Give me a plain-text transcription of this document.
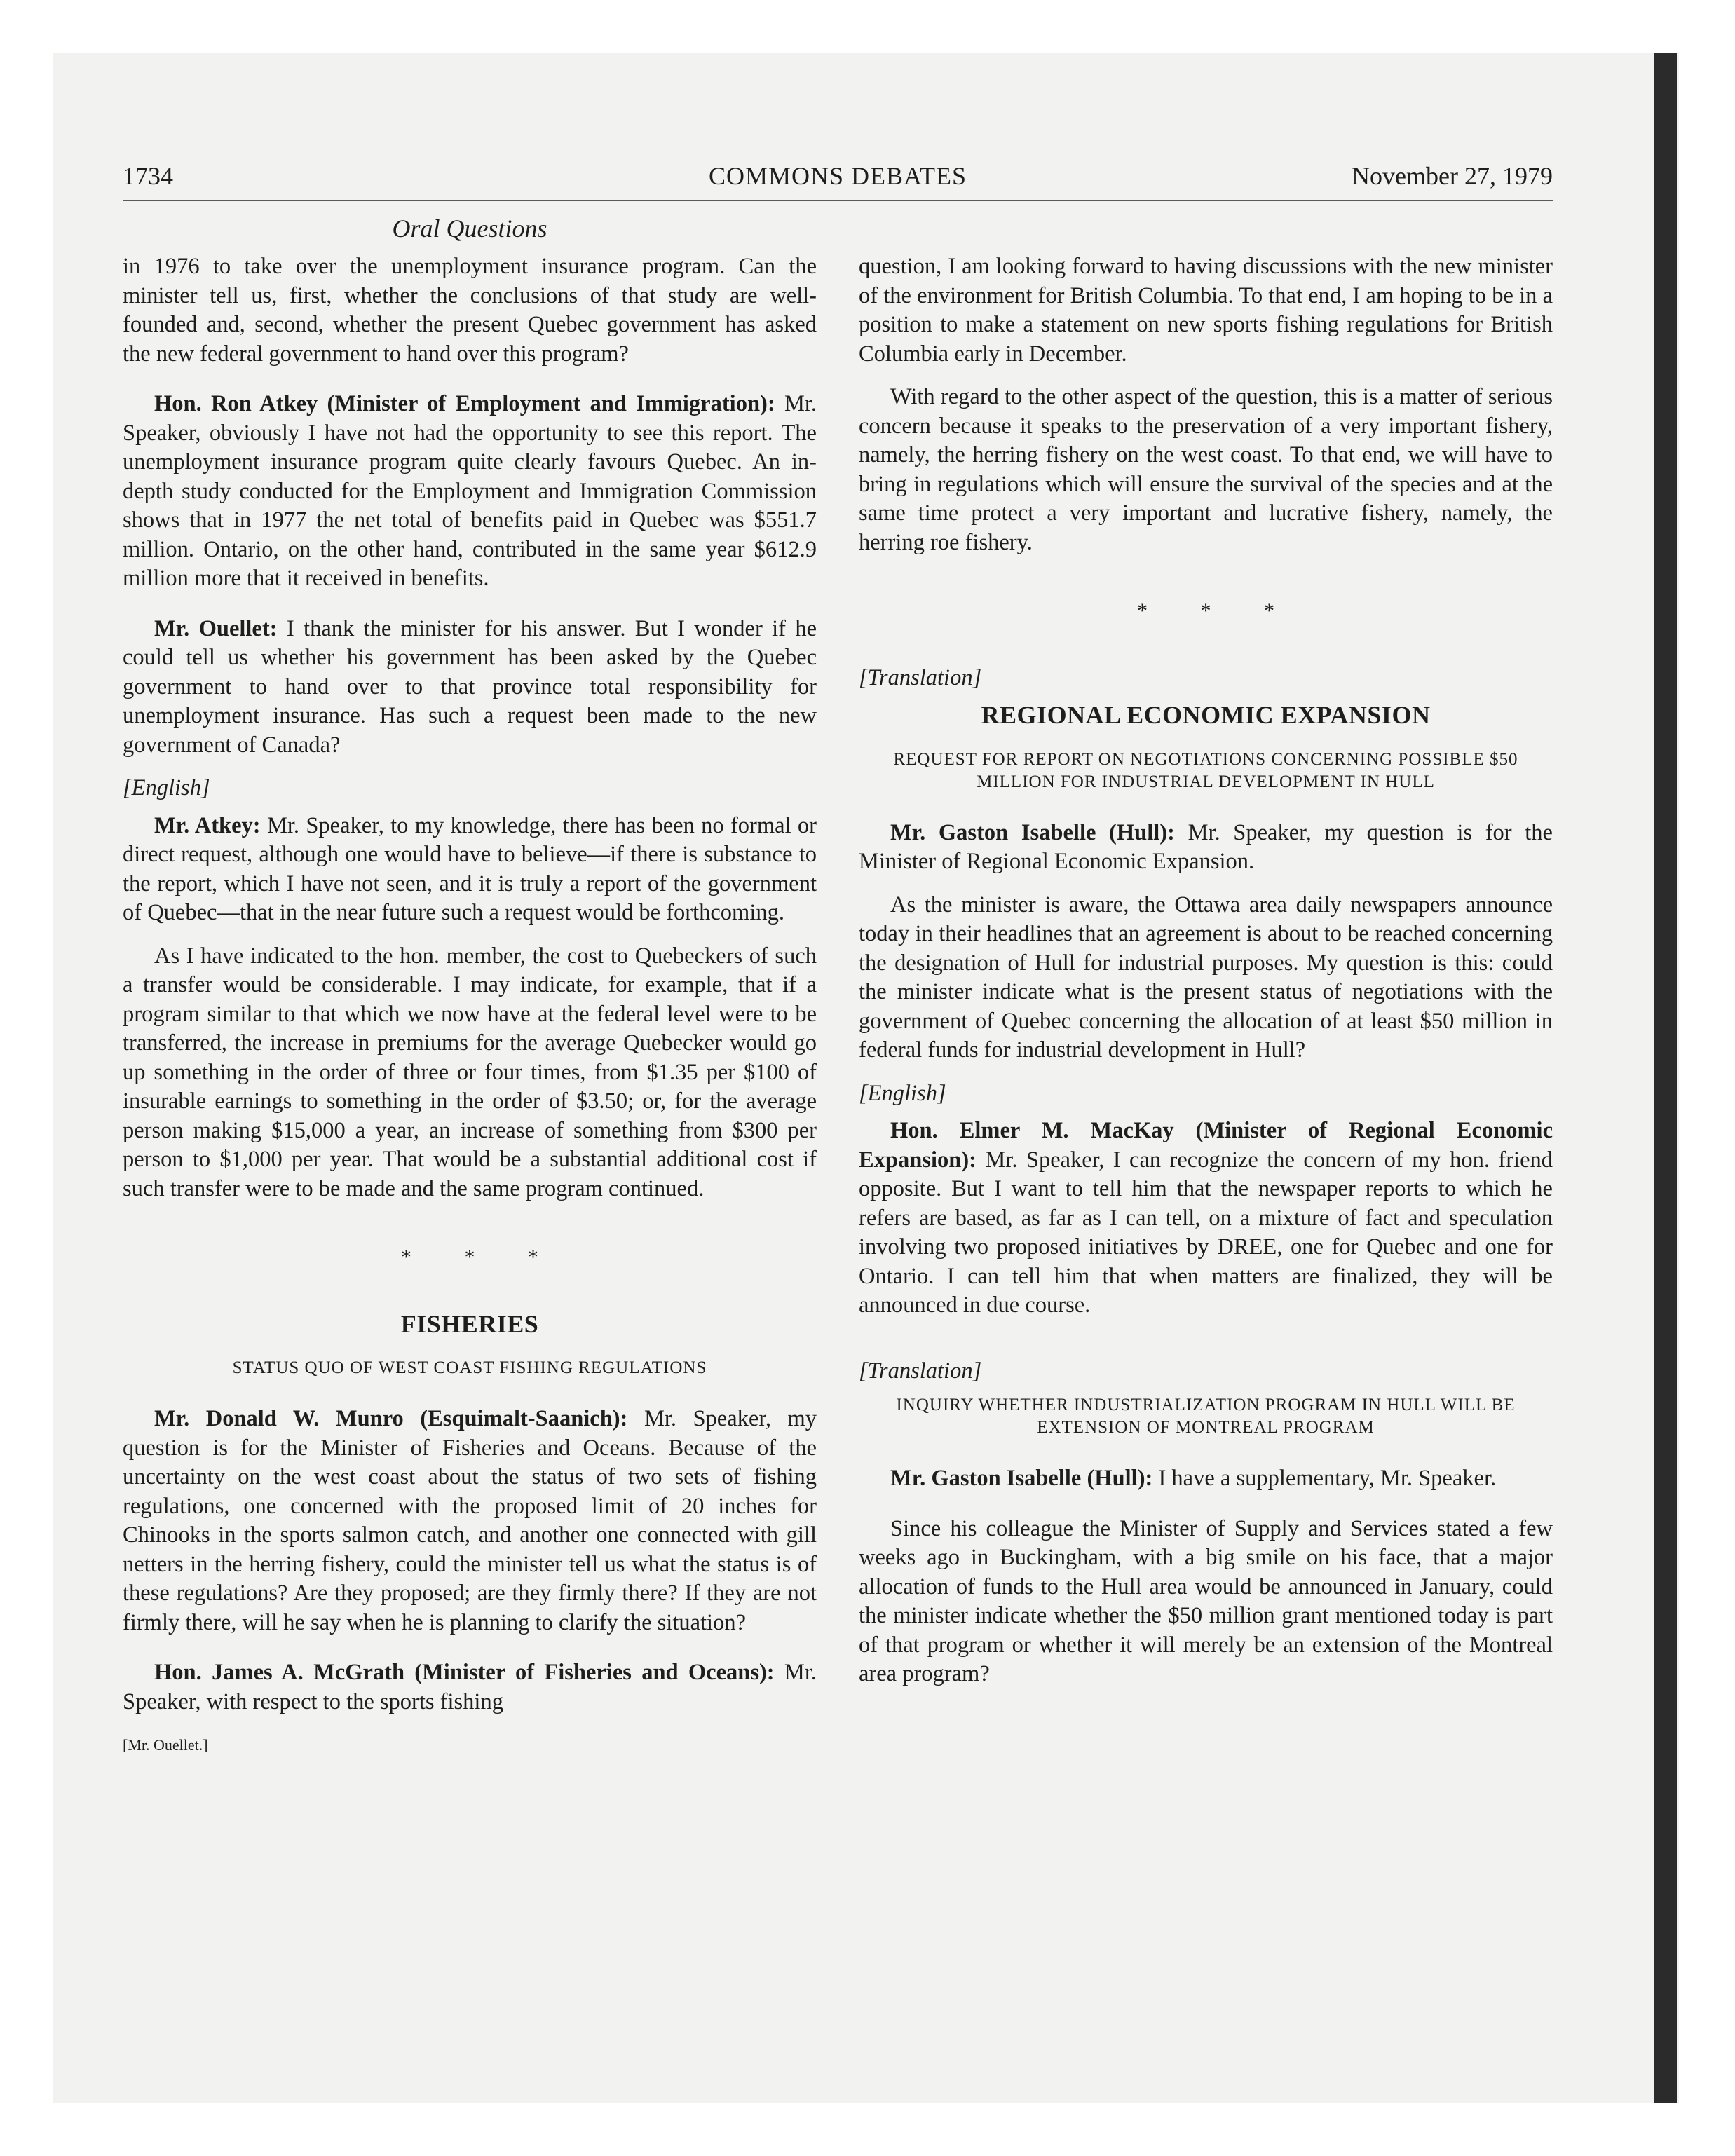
1734	COMMONS DEBATES	November 27, 1979
Oral Questions

in 1976 to take over the unemployment insurance program. Can the minister tell us, first, whether the conclusions of that study are well-founded and, second, whether the present Quebec government has asked the new federal government to hand over this program?

Hon. Ron Atkey (Minister of Employment and Immigration): Mr. Speaker, obviously I have not had the opportunity to see this report. The unemployment insurance program quite clearly favours Quebec. An in-depth study conducted for the Employment and Immigration Commission shows that in 1977 the net total of benefits paid in Quebec was $551.7 million. Ontario, on the other hand, contributed in the same year $612.9 million more that it received in benefits.

Mr. Ouellet: I thank the minister for his answer. But I wonder if he could tell us whether his government has been asked by the Quebec government to hand over to that province total responsibility for unemployment insurance. Has such a request been made to the new government of Canada?

[English]

Mr. Atkey: Mr. Speaker, to my knowledge, there has been no formal or direct request, although one would have to believe—if there is substance to the report, which I have not seen, and it is truly a report of the government of Quebec—that in the near future such a request would be forthcoming.

As I have indicated to the hon. member, the cost to Quebeckers of such a transfer would be considerable. I may indicate, for example, that if a program similar to that which we now have at the federal level were to be transferred, the increase in premiums for the average Quebecker would go up something in the order of three or four times, from $1.35 per $100 of insurable earnings to something in the order of $3.50; or, for the average person making $15,000 a year, an increase of something from $300 per person to $1,000 per year. That would be a substantial additional cost if such transfer were to be made and the same program continued.

* * *
FISHERIES
STATUS QUO OF WEST COAST FISHING REGULATIONS

Mr. Donald W. Munro (Esquimalt-Saanich): Mr. Speaker, my question is for the Minister of Fisheries and Oceans. Because of the uncertainty on the west coast about the status of two sets of fishing regulations, one concerned with the proposed limit of 20 inches for Chinooks in the sports salmon catch, and another one connected with gill netters in the herring fishery, could the minister tell us what the status is of these regulations? Are they proposed; are they firmly there? If they are not firmly there, will he say when he is planning to clarify the situation?

Hon. James A. McGrath (Minister of Fisheries and Oceans): Mr. Speaker, with respect to the sports fishing

[Mr. Ouellet.]

question, I am looking forward to having discussions with the new minister of the environment for British Columbia. To that end, I am hoping to be in a position to make a statement on new sports fishing regulations for British Columbia early in December.

With regard to the other aspect of the question, this is a matter of serious concern because it speaks to the preservation of a very important fishery, namely, the herring fishery on the west coast. To that end, we will have to bring in regulations which will ensure the survival of the species and at the same time protect a very important and lucrative fishery, namely, the herring roe fishery.

* * *
[Translation]
REGIONAL ECONOMIC EXPANSION
REQUEST FOR REPORT ON NEGOTIATIONS CONCERNING POSSIBLE $50 MILLION FOR INDUSTRIAL DEVELOPMENT IN HULL

Mr. Gaston Isabelle (Hull): Mr. Speaker, my question is for the Minister of Regional Economic Expansion.

As the minister is aware, the Ottawa area daily newspapers announce today in their headlines that an agreement is about to be reached concerning the designation of Hull for industrial purposes. My question is this: could the minister indicate what is the present status of negotiations with the government of Quebec concerning the allocation of at least $50 million in federal funds for industrial development in Hull?

[English]

Hon. Elmer M. MacKay (Minister of Regional Economic Expansion): Mr. Speaker, I can recognize the concern of my hon. friend opposite. But I want to tell him that the newspaper reports to which he refers are based, as far as I can tell, on a mixture of fact and speculation involving two proposed initiatives by DREE, one for Quebec and one for Ontario. I can tell him that when matters are finalized, they will be announced in due course.

[Translation]
INQUIRY WHETHER INDUSTRIALIZATION PROGRAM IN HULL WILL BE EXTENSION OF MONTREAL PROGRAM

Mr. Gaston Isabelle (Hull): I have a supplementary, Mr. Speaker.

Since his colleague the Minister of Supply and Services stated a few weeks ago in Buckingham, with a big smile on his face, that a major allocation of funds to the Hull area would be announced in January, could the minister indicate whether the $50 million grant mentioned today is part of that program or whether it will merely be an extension of the Montreal area program?
